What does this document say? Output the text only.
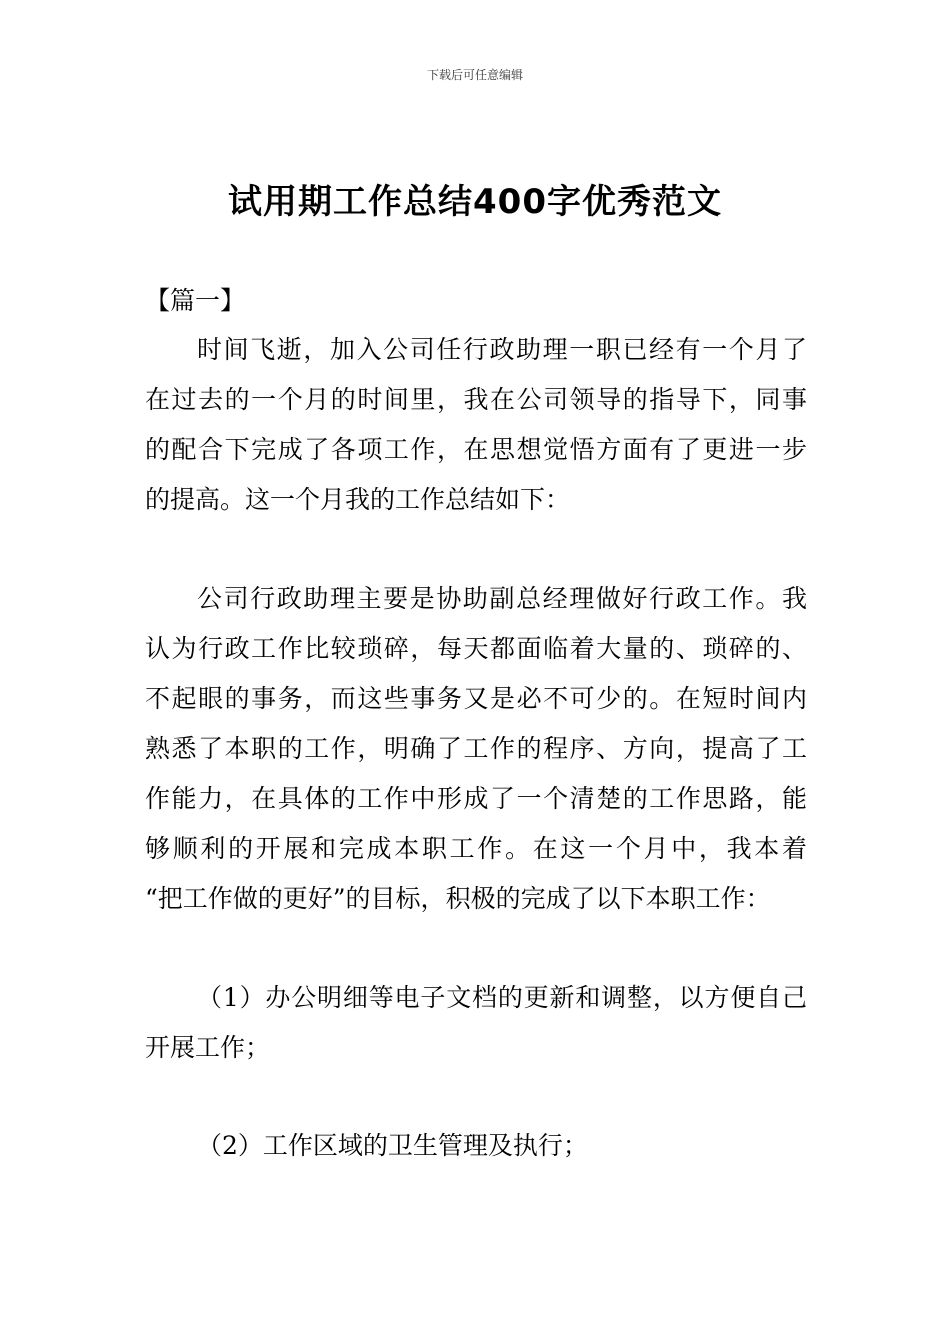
下载后可任意编辑
试用期工作总结400字优秀范文
【篇一】
时间飞逝，加入公司任行政助理一职已经有一个月了
在过去的一个月的时间里，我在公司领导的指导下，同事
的配合下完成了各项工作，在思想觉悟方面有了更进一步
的提高。这一个月我的工作总结如下：
公司行政助理主要是协助副总经理做好行政工作。我
认为行政工作比较琐碎，每天都面临着大量的、琐碎的、
不起眼的事务，而这些事务又是必不可少的。在短时间内
熟悉了本职的工作，明确了工作的程序、方向，提高了工
作能力，在具体的工作中形成了一个清楚的工作思路，能
够顺利的开展和完成本职工作。在这一个月中，我本着
“把工作做的更好”的目标，积极的完成了以下本职工作：
（1）办公明细等电子文档的更新和调整，以方便自己
开展工作；
（2）工作区域的卫生管理及执行；
